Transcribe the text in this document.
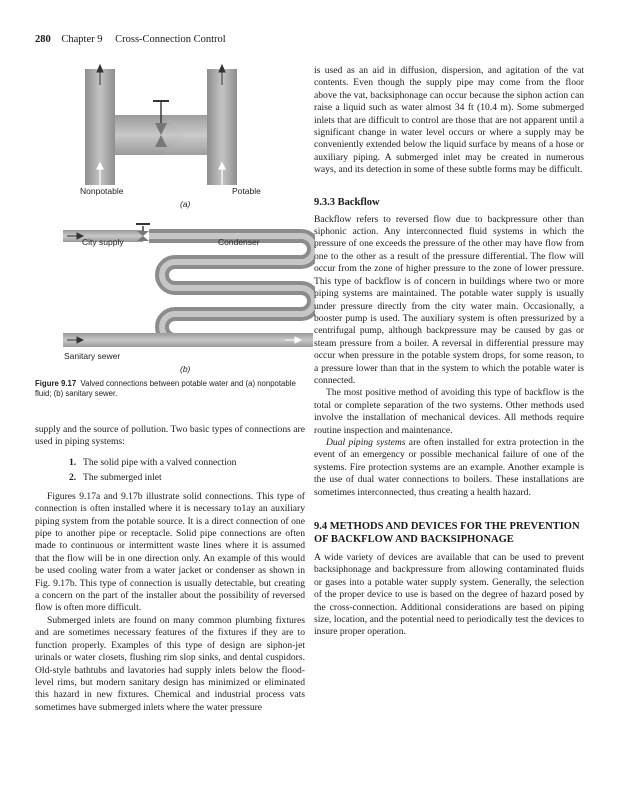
280 Chapter 9 Cross-Connection Control
Nonpotable	Potable
(a)
City supply	Condenser
Sanitary sewer
(b)
Figure 9.17 Valved connections between potable water and (a) nonpotable fluid; (b) sanitary sewer.

supply and the source of pollution. Two basic types of connections are used in piping systems:

1. The solid pipe with a valved connection
2. The submerged inlet

Figures 9.17a and 9.17b illustrate solid connections. This type of connection is often installed where it is necessary to1ay an auxiliary piping system from the potable source. It is a direct connection of one pipe to another pipe or receptacle. Solid pipe connections are often made to continuous or intermittent waste lines where it is assumed that the flow will be in one direction only. An example of this would be used cooling water from a water jacket or condenser as shown in Fig. 9.17b. This type of connection is usually detectable, but creating a concern on the part of the installer about the possibility of reversed flow is often more difficult.

Submerged inlets are found on many common plumbing fixtures and are sometimes necessary features of the fixtures if they are to function properly. Examples of this type of design are siphon-jet urinals or water closets, flushing rim slop sinks, and dental cuspidors. Old-style bathtubs and lavatories had supply inlets below the flood-level rims, but modern sanitary design has minimized or eliminated this hazard in new fixtures. Chemical and industrial process vats sometimes have submerged inlets where the water pressure

is used as an aid in diffusion, dispersion, and agitation of the vat contents. Even though the supply pipe may come from the floor above the vat, backsiphonage can occur because the siphon action can raise a liquid such as water almost 34 ft (10.4 m). Some submerged inlets that are difficult to control are those that are not apparent until a significant change in water level occurs or where a supply may be conveniently extended below the liquid surface by means of a hose or auxiliary piping. A submerged inlet may be created in numerous ways, and its detection in some of these subtle forms may be difficult.

9.3.3 Backflow

Backflow refers to reversed flow due to backpressure other than siphonic action. Any interconnected fluid systems in which the pressure of one exceeds the pressure of the other may have flow from one to the other as a result of the pressure differential. The flow will occur from the zone of higher pressure to the zone of lower pressure. This type of backflow is of concern in buildings where two or more piping systems are maintained. The potable water supply is usually under pressure directly from the city water main. Occasionally, a booster pump is used. The auxiliary system is often pressurized by a centrifugal pump, although backpressure may be caused by gas or steam pressure from a boiler. A reversal in differential pressure may occur when pressure in the potable system drops, for some reason, to a pressure lower than that in the system to which the potable water is connected.

The most positive method of avoiding this type of backflow is the total or complete separation of the two systems. Other methods used involve the installation of mechanical devices. All methods require routine inspection and maintenance.

Dual piping systems are often installed for extra protection in the event of an emergency or possible mechanical failure of one of the systems. Fire protection systems are an example. Another example is the use of dual water connections to boilers. These installations are sometimes interconnected, thus creating a health hazard.

9.4 METHODS AND DEVICES FOR THE PREVENTION OF BACKFLOW AND BACKSIPHONAGE

A wide variety of devices are available that can be used to prevent backsiphonage and backpressure from allowing contaminated fluids or gases into a potable water supply system. Generally, the selection of the proper device to use is based on the degree of hazard posed by the cross-connection. Additional considerations are based on piping size, location, and the potential need to periodically test the devices to insure proper operation.
